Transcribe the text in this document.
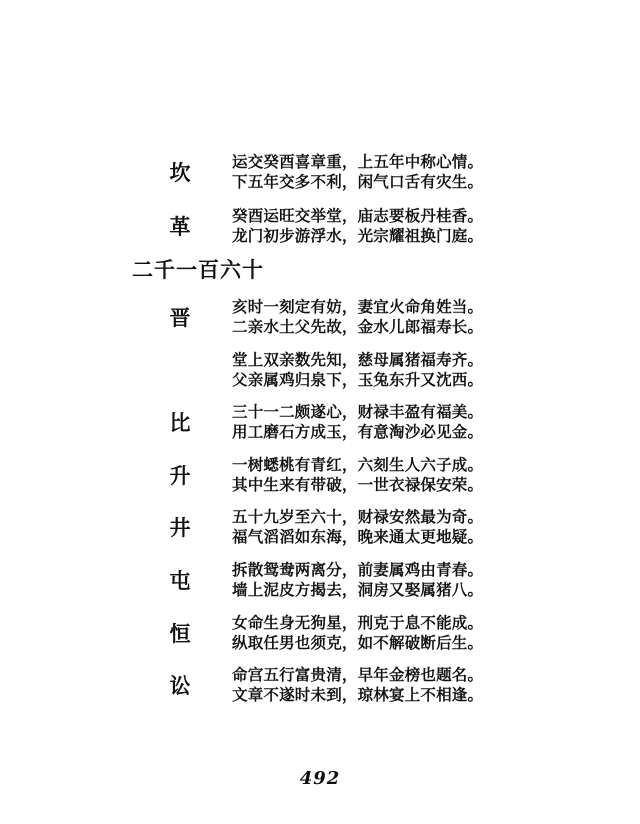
坎	运交癸酉喜章重，上五年中称心情。
下五年交多不利，闲气口舌有灾生。
革	癸酉运旺交举堂，庙志要板丹桂香。
龙门初步游浮水，光宗耀祖换门庭。
二千一百六十
晋	亥时一刻定有妨，妻宜火命角姓当。
二亲水土父先故，金水儿郎福寿长。
堂上双亲数先知，慈母属猪福寿齐。
父亲属鸡归泉下，玉兔东升又沈西。
比	三十一二颇遂心，财禄丰盈有福美。
用工磨石方成玉，有意淘沙必见金。
升	一树蟋桃有青红，六刻生人六子成。
其中生来有带破，一世衣禄保安荣。
井	五十九岁至六十，财禄安然最为奇。
福气滔滔如东海，晚来通太更地疑。
屯	拆散鸳鸯两离分，前妻属鸡由青春。
墙上泥皮方揭去，洞房又娶属猪八。
恒	女命生身无狗星，刑克于息不能成。
纵取任男也须克，如不解破断后生。
讼	命宫五行富贵清，早年金榜也题名。
文章不遂时未到，琼林宴上不相逢。
492
